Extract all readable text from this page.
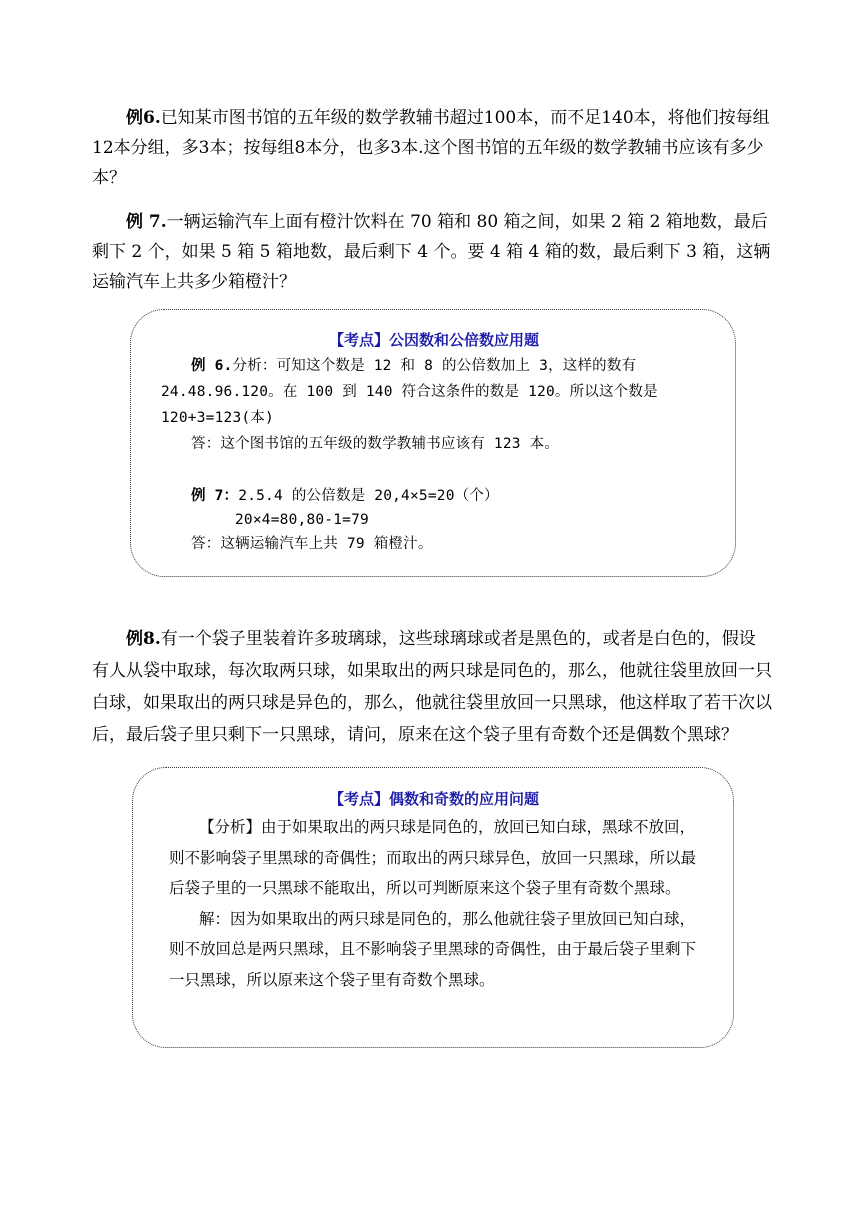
例6.已知某市图书馆的五年级的数学教辅书超过100本，而不足140本，将他们按每组12本分组，多3本；按每组8本分，也多3本.这个图书馆的五年级的数学教辅书应该有多少本？

例 7.一辆运输汽车上面有橙汁饮料在 70 箱和 80 箱之间，如果 2 箱 2 箱地数，最后剩下 2 个，如果 5 箱 5 箱地数，最后剩下 4 个。要 4 箱 4 箱的数，最后剩下 3 箱，这辆运输汽车上共多少箱橙汁？

【考点】公因数和公倍数应用题

例 6.分析：可知这个数是 12 和 8 的公倍数加上 3，这样的数有

24.48.96.120。在 100 到 140 符合这条件的数是 120。所以这个数是

120+3=123(本)

答：这个图书馆的五年级的数学教辅书应该有 123 本。

例 7：2.5.4 的公倍数是 20,4×5=20（个）

20×4=80,80-1=79

答：这辆运输汽车上共 79 箱橙汁。

例8.有一个袋子里装着许多玻璃球，这些球璃球或者是黑色的，或者是白色的，假设有人从袋中取球，每次取两只球，如果取出的两只球是同色的，那么，他就往袋里放回一只白球，如果取出的两只球是异色的，那么，他就往袋里放回一只黑球，他这样取了若干次以后，最后袋子里只剩下一只黑球，请问，原来在这个袋子里有奇数个还是偶数个黑球？

【考点】偶数和奇数的应用问题

【分析】由于如果取出的两只球是同色的，放回已知白球，黑球不放回，则不影响袋子里黑球的奇偶性；而取出的两只球异色，放回一只黑球，所以最后袋子里的一只黑球不能取出，所以可判断原来这个袋子里有奇数个黑球。

解：因为如果取出的两只球是同色的，那么他就往袋子里放回已知白球，则不放回总是两只黑球，且不影响袋子里黑球的奇偶性，由于最后袋子里剩下一只黑球，所以原来这个袋子里有奇数个黑球。
